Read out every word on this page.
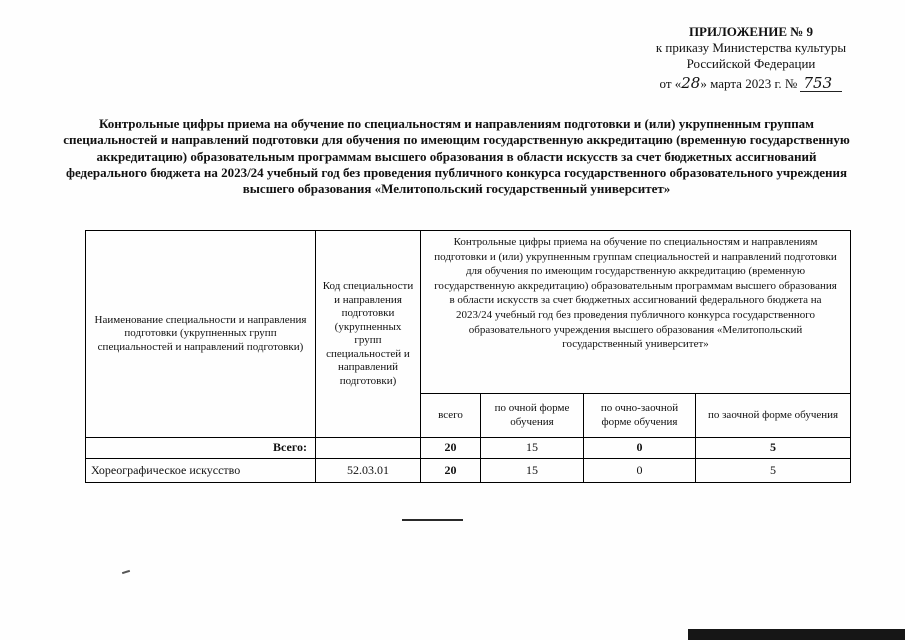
ПРИЛОЖЕНИЕ № 9
к приказу Министерства культуры
Российской Федерации
от «28» марта 2023 г. № 753
Контрольные цифры приема на обучение по специальностям и направлениям подготовки и (или) укрупненным группам специальностей и направлений подготовки для обучения по имеющим государственную аккредитацию (временную государственную аккредитацию) образовательным программам высшего образования в области искусств за счет бюджетных ассигнований федерального бюджета на 2023/24 учебный год без проведения публичного конкурса государственного образовательного учреждения высшего образования «Мелитопольский государственный университет»
Наименование специальности и направления подготовки (укрупненных групп специальностей и направлений подготовки)	Код специальности и направления подготовки (укрупненных групп специальностей и направлений подготовки)	Контрольные цифры приема на обучение по специальностям и направлениям подготовки и (или) укрупненным группам специальностей и направлений подготовки для обучения по имеющим государственную аккредитацию (временную государственную аккредитацию) образовательным программам высшего образования в области искусств за счет бюджетных ассигнований федерального бюджета на 2023/24 учебный год без проведения публичного конкурса государственного образовательного учреждения высшего образования «Мелитопольский государственный университет»			
		всего	по очной форме обучения	по очно-заочной форме обучения	по заочной форме обучения
Всего:		20	15	0	5
Хореографическое искусство	52.03.01	20	15	0	5
